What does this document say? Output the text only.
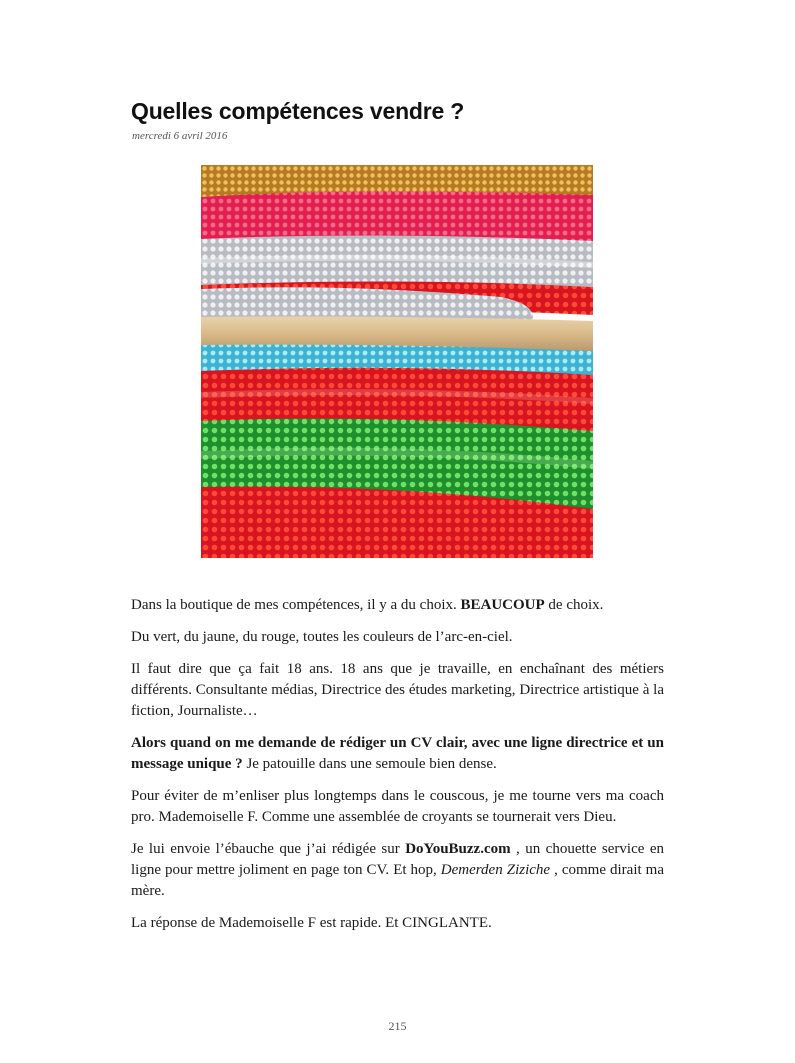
Quelles compétences vendre ?
mercredi 6 avril 2016

Dans la boutique de mes compétences, il y a du choix. BEAUCOUP de choix.

Du vert, du jaune, du rouge, toutes les couleurs de l’arc-en-ciel.

Il faut dire que ça fait 18 ans. 18 ans que je travaille, en enchaînant des métiers différents. Consultante médias, Directrice des études marketing, Directrice artistique à la fiction, Journaliste…

Alors quand on me demande de rédiger un CV clair, avec une ligne directrice et un message unique ? Je patouille dans une semoule bien dense.

Pour éviter de m’enliser plus longtemps dans le couscous, je me tourne vers ma coach pro. Mademoiselle F. Comme une assemblée de croyants se tournerait vers Dieu.

Je lui envoie l’ébauche que j’ai rédigée sur DoYouBuzz.com , un chouette service en ligne pour mettre joliment en page ton CV. Et hop, Demerden Ziziche , comme dirait ma mère.

La réponse de Mademoiselle F est rapide. Et CINGLANTE.

215
